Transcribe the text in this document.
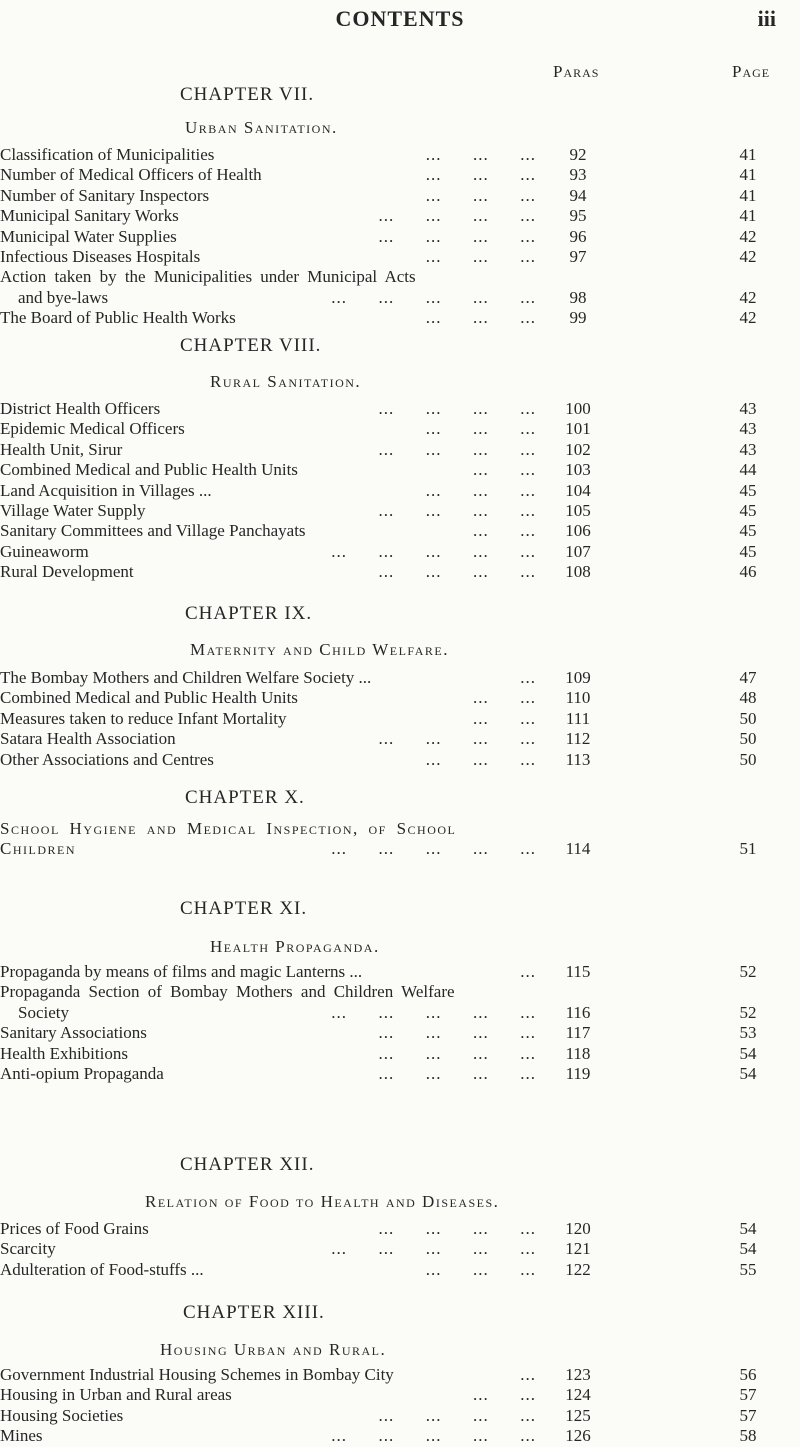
CONTENTS	iii
Paras	Page
CHAPTER VII.
Urban Sanitation.
Classification of Municipalities	...      ...      ...	92	41
Number of Medical Officers of Health	...      ...      ...	93	41
Number of Sanitary Inspectors	...      ...      ...	94	41
Municipal Sanitary Works	...      ...      ...      ...	95	41
Municipal Water Supplies	...      ...      ...      ...	96	42
Infectious Diseases Hospitals	...      ...      ...	97	42
Action taken by the Municipalities under Municipal Acts
and bye-laws	...      ...      ...      ...      ...	98	42
The Board of Public Health Works	...      ...      ...	99	42
CHAPTER VIII.
Rural Sanitation.
District Health Officers	...      ...      ...      ...	100	43
Epidemic Medical Officers	...      ...      ...	101	43
Health Unit, Sirur	...      ...      ...      ...	102	43
Combined Medical and Public Health Units	...      ...	103	44
Land Acquisition in Villages ...	...      ...      ...	104	45
Village Water Supply	...      ...      ...      ...	105	45
Sanitary Committees and Village Panchayats	...      ...	106	45
Guineaworm	...      ...      ...      ...      ...	107	45
Rural Development	...      ...      ...      ...	108	46
CHAPTER IX.
Maternity and Child Welfare.
The Bombay Mothers and Children Welfare Society ...	...	109	47
Combined Medical and Public Health Units	...      ...	110	48
Measures taken to reduce Infant Mortality	...      ...	111	50
Satara Health Association	...      ...      ...      ...	112	50
Other Associations and Centres	...      ...      ...	113	50
CHAPTER X.
School Hygiene and Medical Inspection, of School
Children	...      ...      ...      ...      ...	114	51
CHAPTER XI.
Health Propaganda.
Propaganda by means of films and magic Lanterns ...	...	115	52
Propaganda Section of Bombay Mothers and Children Welfare
Society	...      ...      ...      ...      ...	116	52
Sanitary Associations	...      ...      ...      ...	117	53
Health Exhibitions	...      ...      ...      ...	118	54
Anti-opium Propaganda	...      ...      ...      ...	119	54
CHAPTER XII.
Relation of Food to Health and Diseases.
Prices of Food Grains	...      ...      ...      ...	120	54
Scarcity	...      ...      ...      ...      ...	121	54
Adulteration of Food-stuffs ...	...      ...      ...	122	55
CHAPTER XIII.
Housing Urban and Rural.
Government Industrial Housing Schemes in Bombay City	...	123	56
Housing in Urban and Rural areas	...      ...	124	57
Housing Societies	...      ...      ...      ...	125	57
Mines	...      ...      ...      ...      ...	126	58
